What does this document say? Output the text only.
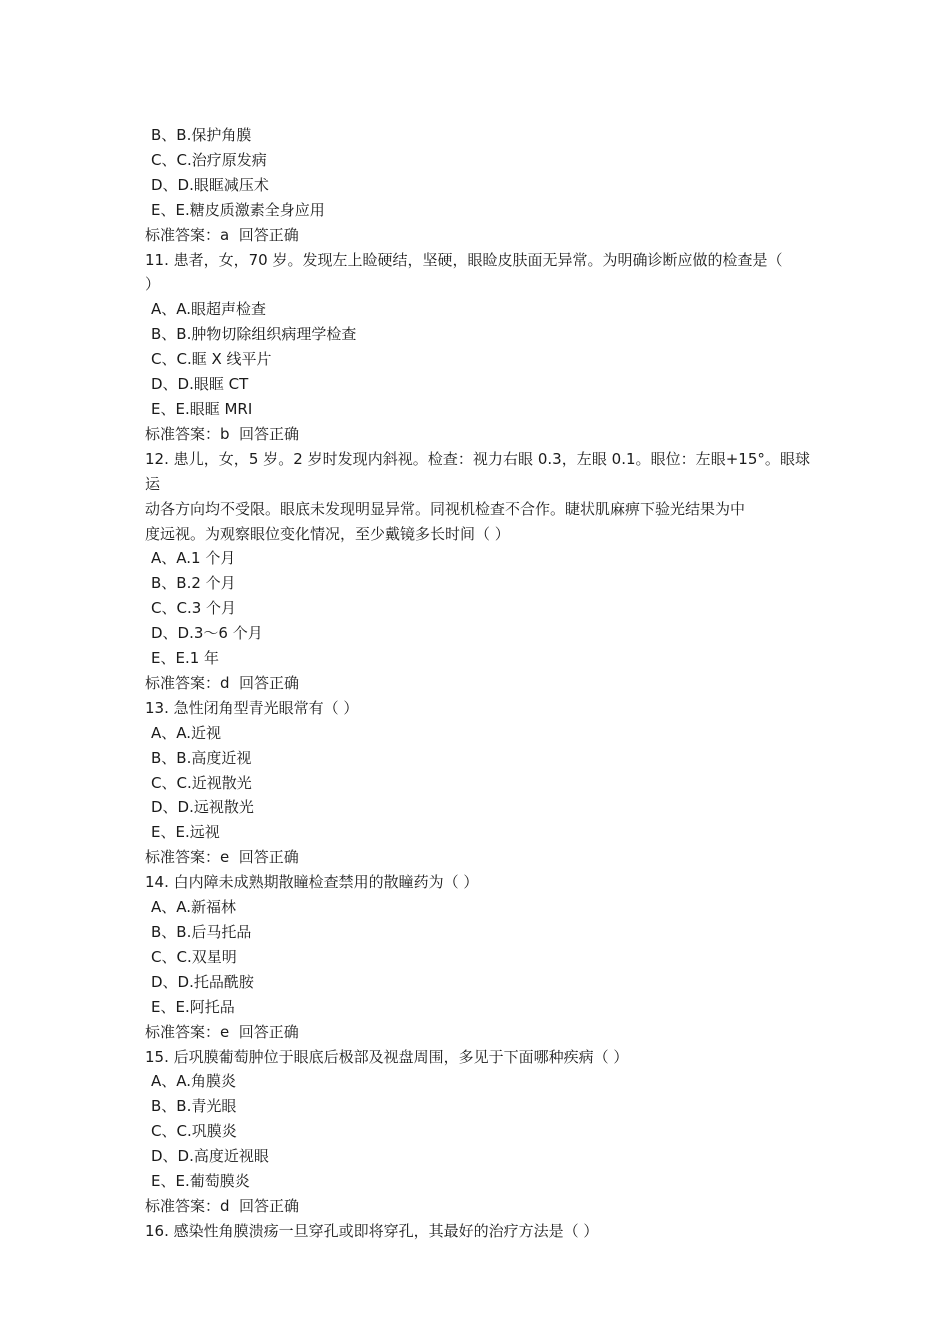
B、B.保护角膜

C、C.治疗原发病

D、D.眼眶减压术

E、E.糖皮质激素全身应用

标准答案：a  回答正确

11. 患者，女，70 岁。发现左上睑硬结，坚硬，眼睑皮肤面无异常。为明确诊断应做的检查是（

）

A、A.眼超声检查

B、B.肿物切除组织病理学检查

C、C.眶 X 线平片

D、D.眼眶 CT

E、E.眼眶 MRI

标准答案：b  回答正确

12. 患儿，女，5 岁。2 岁时发现内斜视。检查：视力右眼 0.3，左眼 0.1。眼位：左眼+15°。眼球运

动各方向均不受限。眼底未发现明显异常。同视机检查不合作。睫状肌麻痹下验光结果为中

度远视。为观察眼位变化情况，至少戴镜多长时间（ ）

A、A.1 个月

B、B.2 个月

C、C.3 个月

D、D.3～6 个月

E、E.1 年

标准答案：d  回答正确

13. 急性闭角型青光眼常有（ ）

A、A.近视

B、B.高度近视

C、C.近视散光

D、D.远视散光

E、E.远视

标准答案：e  回答正确

14. 白内障未成熟期散瞳检查禁用的散瞳药为（ ）

A、A.新福林

B、B.后马托品

C、C.双星明

D、D.托品酰胺

E、E.阿托品

标准答案：e  回答正确

15. 后巩膜葡萄肿位于眼底后极部及视盘周围，多见于下面哪种疾病（ ）

A、A.角膜炎

B、B.青光眼

C、C.巩膜炎

D、D.高度近视眼

E、E.葡萄膜炎

标准答案：d  回答正确

16. 感染性角膜溃疡一旦穿孔或即将穿孔，其最好的治疗方法是（ ）
